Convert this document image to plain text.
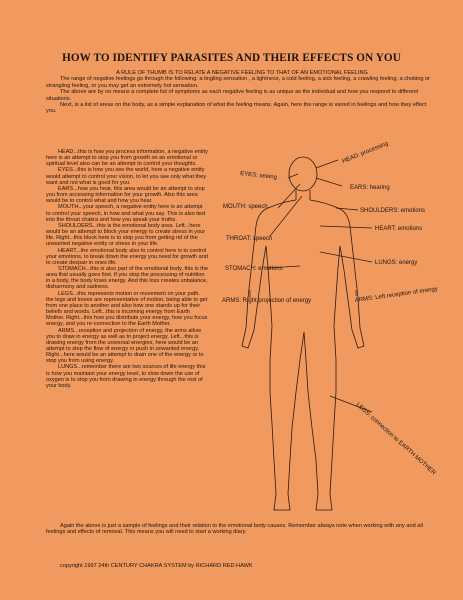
HOW TO IDENTIFY PARASITES AND THEIR EFFECTS ON YOU

A RULE OF THUMB IS TO RELATE A NEGATIVE FEELING TO THAT OF AN EMOTIONAL FEELING

The range of negative feelings go through the following: a tingling sensation , a lightness, a cold feeling, a sick feeling, a crawling feeling, a choking or strangling feeling, or you may get an extremely hot sensation.

The above are by no means a complete list of symptoms as each negative feeling is as unique as the individual and how you respond to different situations.

Next, is a list of areas on the body, as a simple explanation of what the feeling means. Again, here the range is varied in feelings and how they effect you.

HEAD...this is how you process information, a negative entity here is an attempt to stop you from growth on an emotional or spiritual level also can be an attempt to control your thoughts.

EYES...this is how you see the world, here a negative entity would attempt to control your vision, to let you see only what they want and not what is good for you.

EARS...how you hear, this area would be an attempt to stop you from accessing information for your growth. Also this area would be to control what and how you hear.

MOUTH...your speech, a negative entity here is an attempt to control your speech, in how and what you say. This is also tied into the throat chakra and how you speak your truths.

SHOULDERS...this is the emotional body area. Left...here would be an attempt to block your energy to create stress in your life. Right...this block here is to stop you from getting rid of the unwanted negative entity or stress in your life.

HEART...the emotional body also to control here is to control your emotions, to break down the energy you need for growth and to create despair in ones life.

STOMACH...this is also part of the emotional body, this is the area that usually goes first. If you stop the processing of nutrition in a body, the body loses energy. And this loss creates unbalance, disharmony and sadness.

LEGS...this represents motion or movement on your path. the legs and knees are representative of motion, being able to get from one place to another and also how one stands up for their beliefs and words. Left...this is incoming energy from Earth Mother. Right...this how you distribute your energy, how you focus energy, and you re-connection to the Earth Mother.

ARMS...reception and projection of energy, the arms allow you to draw in energy as well as to project energy. Left...this is drawing energy from the universal energies, here would be an attempt to stop the flow of energy or push in unwanted energy. Right...here would be an attempt to drain one of the energy or to stop you from using energy.

LUNGS...remember there are two sources of life energy this is how you maintain your energy level, to slow down the use of oxygen is to stop you from drawing in energy through the rest of your body.

HEAD: processing
EYES: seeing
EARS: hearing
MOUTH: speech
SHOULDERS: emotions
HEART: emotions
THROAT: speech
LUNGS: energy
STOMACH: emotions
ARMS: Right projection of energy	ARMS: Left reception of energy
LEGS: connection to EARTH MOTHER

Again the above is just a sample of feelings and their relation to the emotional body causes. Remember always note when working with any and all feelings and effects of removal. This means you will need to start a working diary.

copyright 1997 24th CENTURY CHAKRA SYSTEM by RICHARD RED HAWK
